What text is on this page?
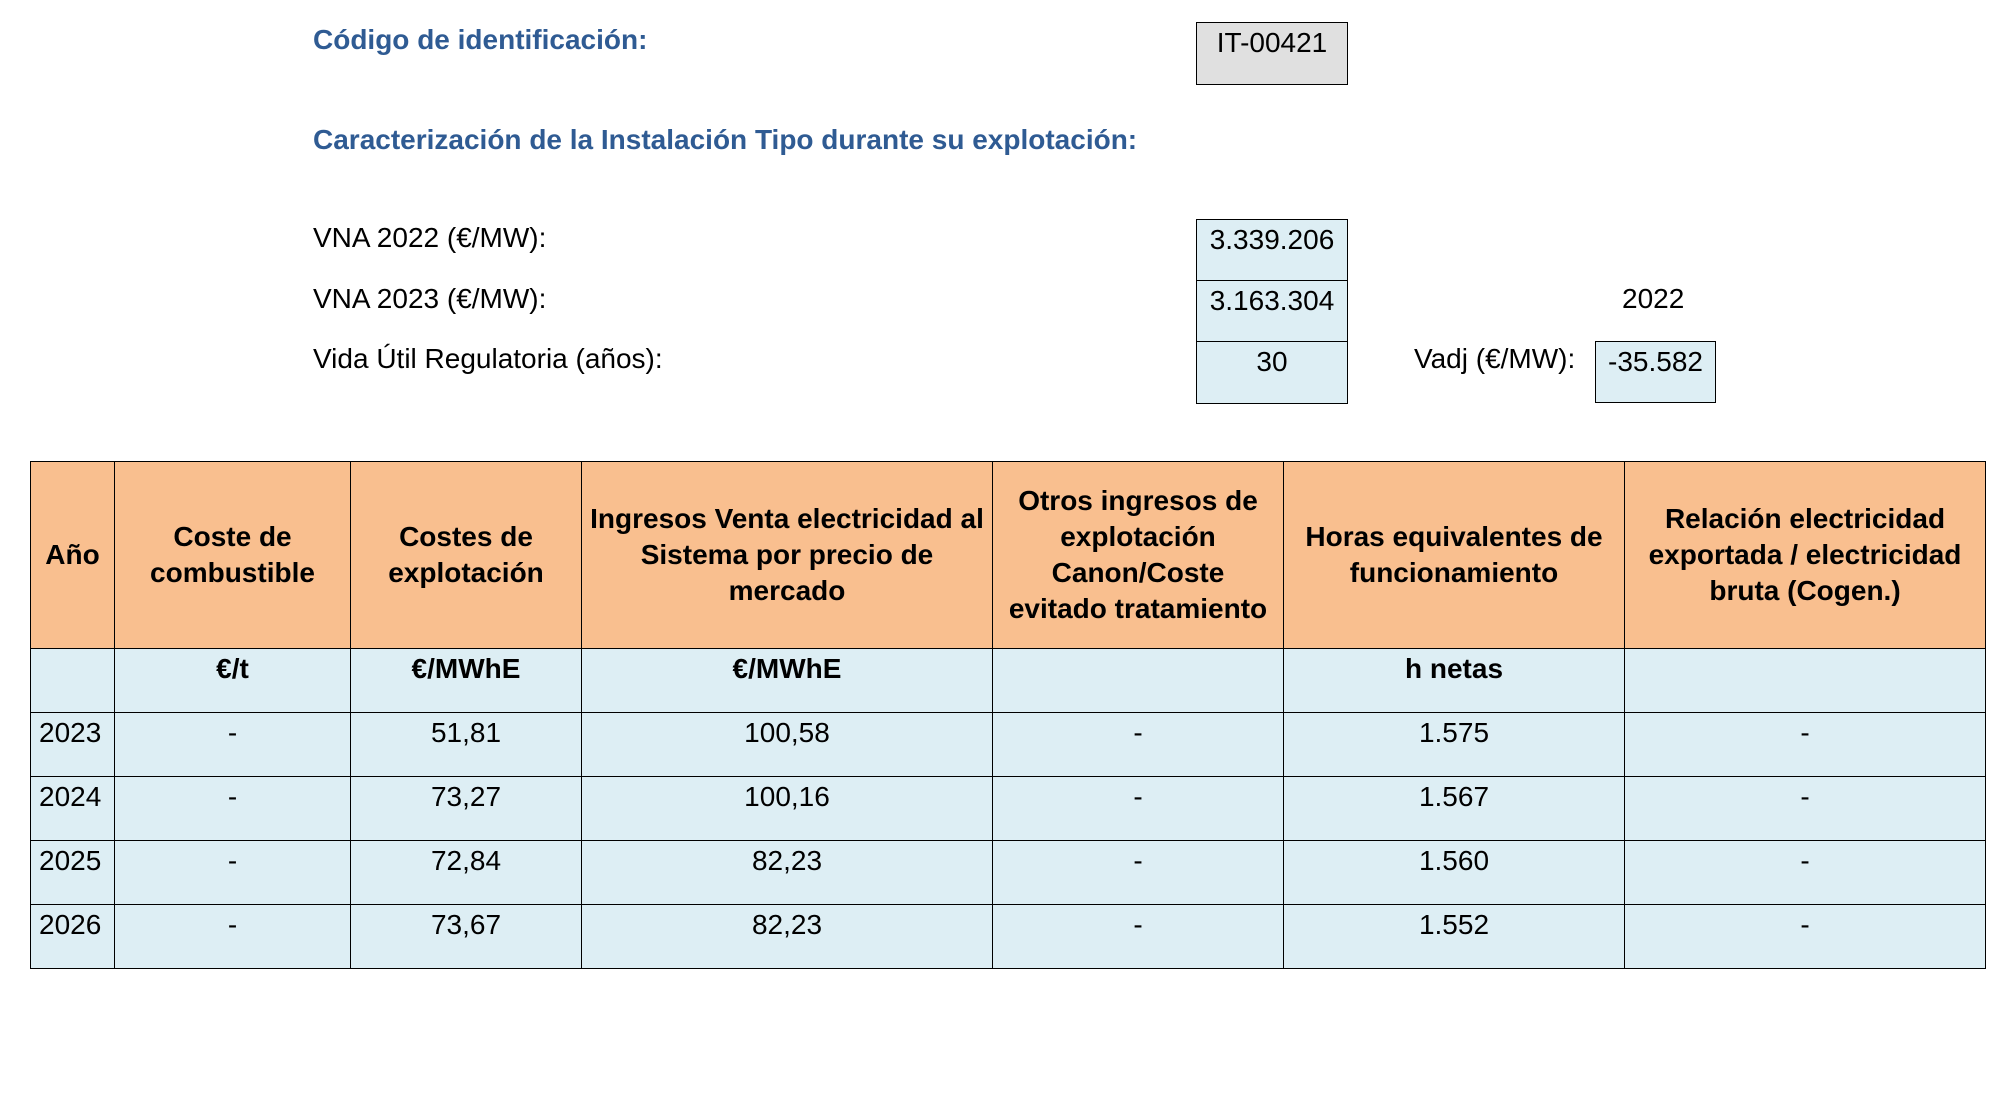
Código de identificación:	IT-00421
Caracterización de la Instalación Tipo durante su explotación:
VNA 2022 (€/MW):	3.339.206
VNA 2023 (€/MW):	3.163.304
Vida Útil Regulatoria (años):	30
2022
Vadj (€/MW):	-35.582
Año	Coste de combustible	Costes de explotación	Ingresos Venta electricidad al Sistema por precio de mercado	Otros ingresos de explotación Canon/Coste evitado tratamiento	Horas equivalentes de funcionamiento	Relación electricidad exportada / electricidad bruta (Cogen.)
	€/t	€/MWhE	€/MWhE		h netas	
2023	-	51,81	100,58	-	1.575	-
2024	-	73,27	100,16	-	1.567	-
2025	-	72,84	82,23	-	1.560	-
2026	-	73,67	82,23	-	1.552	-
